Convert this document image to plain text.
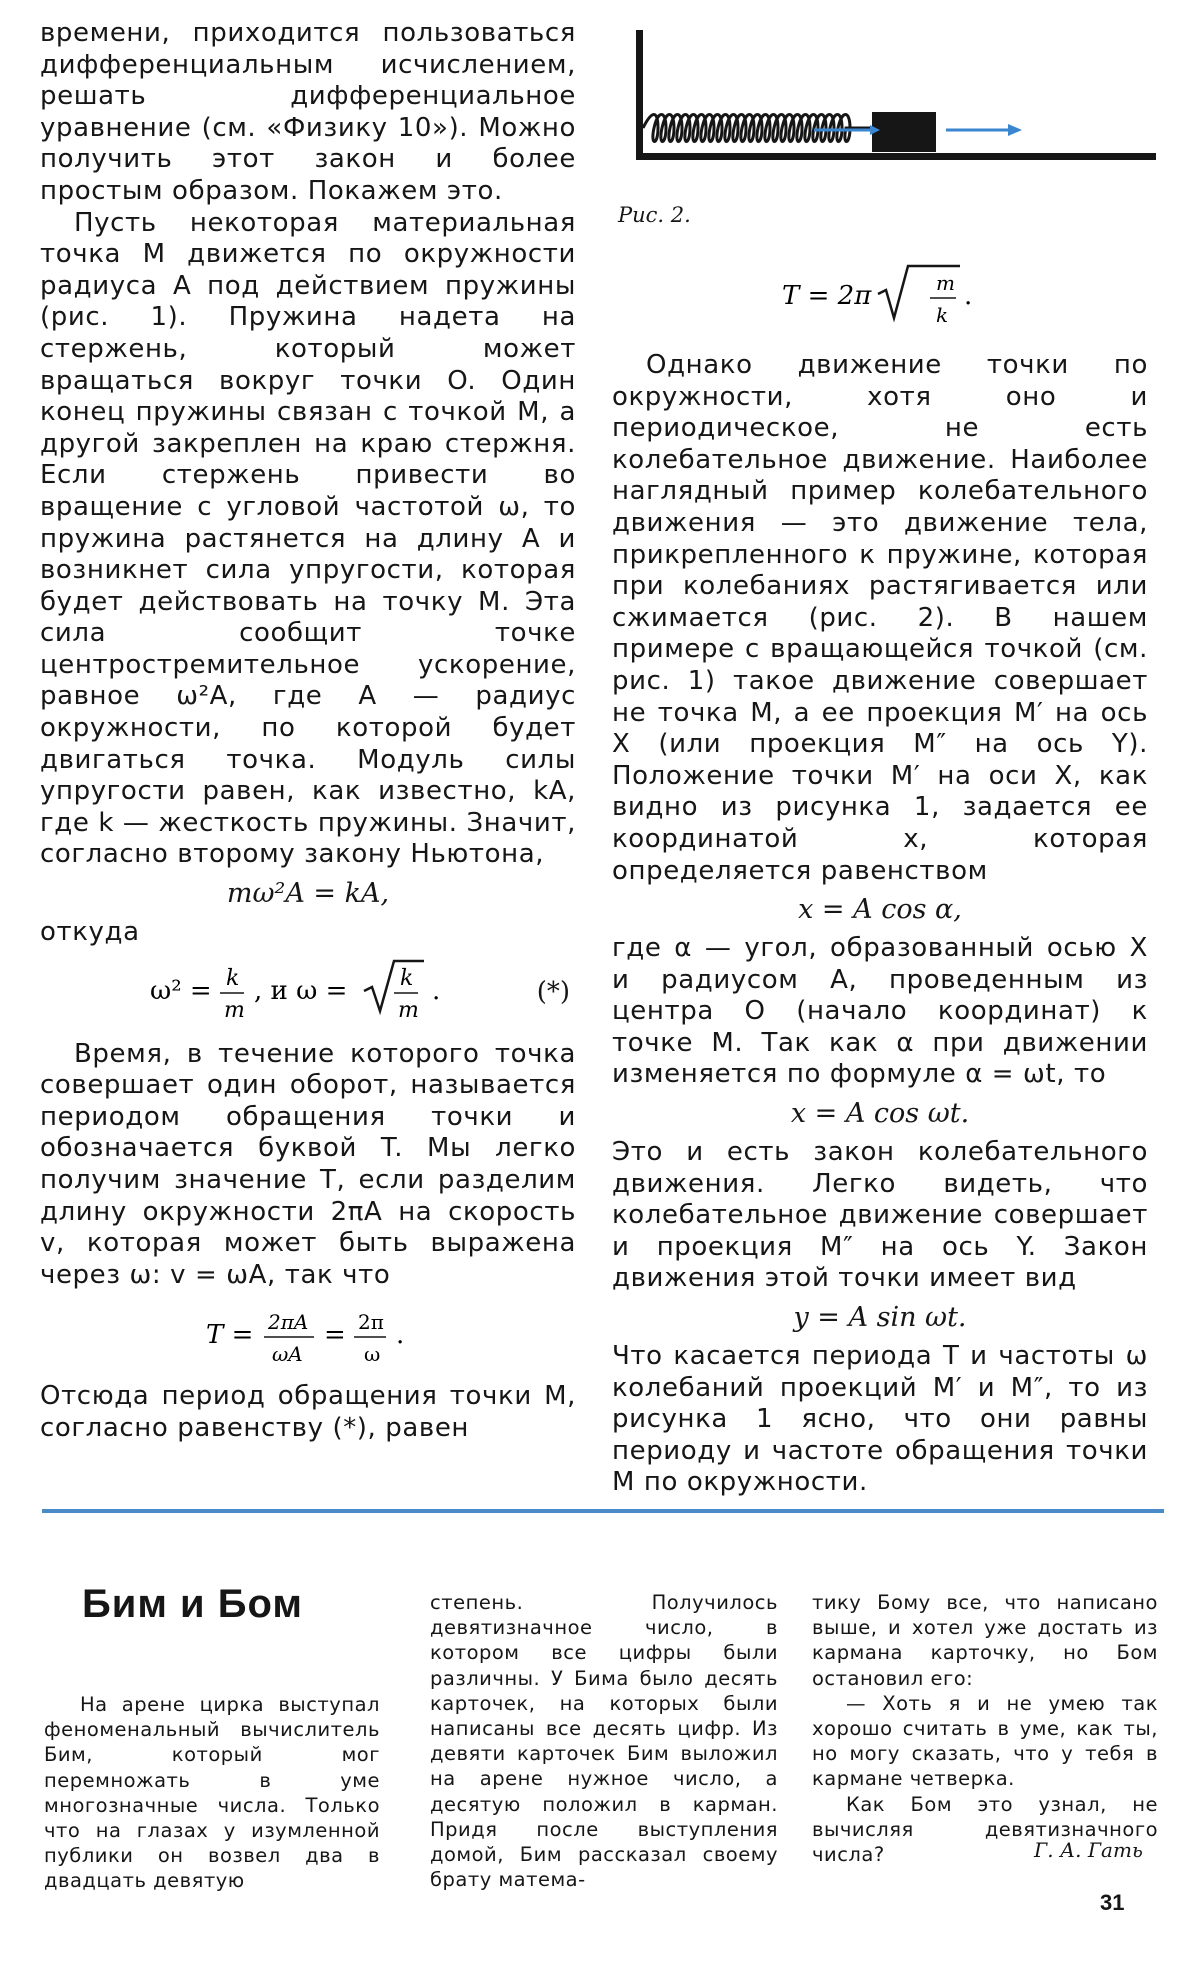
времени, приходится пользоваться дифференциальным исчислением, решать дифференциальное уравнение (см. «Физику 10»). Можно получить этот закон и более простым образом. Покажем это.

Пусть некоторая материальная точка M движется по окружности радиуса A под действием пружины (рис. 1). Пружина надета на стержень, который может вращаться вокруг точки O. Один конец пружины связан с точкой M, а другой закреплен на краю стержня. Если стержень привести во вращение с угловой частотой ω, то пружина растянется на длину A и возникнет сила упругости, которая будет действовать на точку M. Эта сила сообщит точке центростремительное ускорение, равное ω²A, где A — радиус окружности, по которой будет двигаться точка. Модуль силы упругости равен, как известно, kA, где k — жесткость пружины. Значит, согласно второму закону Ньютона,

mω²A = kA,
откуда
ω² = k
m
, и ω = k
m
.	(*)

Время, в течение которого точка совершает один оборот, называется периодом обращения точки и обозначается буквой T. Мы легко получим значение T, если разделим длину окружности 2πA на скорость v, которая может быть выражена через ω: v = ωA, так что

T = 2πA
ωA
= 2π
ω
.

Отсюда период обращения точки M, согласно равенству (*), равен

Рис. 2.
T = 2π	m
k
.

Однако движение точки по окружности, хотя оно и периодическое, не есть колебательное движение. Наиболее наглядный пример колебательного движения — это движение тела, прикрепленного к пружине, которая при колебаниях растягивается или сжимается (рис. 2). В нашем примере с вращающейся точкой (см. рис. 1) такое движение совершает не точка M, а ее проекция M′ на ось X (или проекция M″ на ось Y). Положение точки M′ на оси X, как видно из рисунка 1, задается ее координатой x, которая определяется равенством

x = A cos α,

где α — угол, образованный осью X и радиусом A, проведенным из центра O (начало координат) к точке M. Так как α при движении изменяется по формуле α = ωt, то

x = A cos ωt.

Это и есть закон колебательного движения. Легко видеть, что колебательное движение совершает и проекция M″ на ось Y. Закон движения этой точки имеет вид

y = A sin ωt.

Что касается периода T и частоты ω колебаний проекций M′ и M″, то из рисунка 1 ясно, что они равны периоду и частоте обращения точки M по окружности.

Бим и Бом

На арене цирка выступал феноменальный вычислитель Бим, который мог перемножать в уме многозначные числа. Только что на глазах у изумленной публики он возвел два в двадцать девятую

степень. Получилось девятизначное число, в котором все цифры были различны. У Бима было десять карточек, на которых были написаны все десять цифр. Из девяти карточек Бим выложил на арене нужное число, а десятую положил в карман. Придя после выступления домой, Бим рассказал своему брату матема-

тику Бому все, что написано выше, и хотел уже достать из кармана карточку, но Бом остановил его:

— Хоть я и не умею так хорошо считать в уме, как ты, но могу сказать, что у тебя в кармане четверка.

Как Бом это узнал, не вычисляя девятизначного числа?	Г. А. Гать
31
